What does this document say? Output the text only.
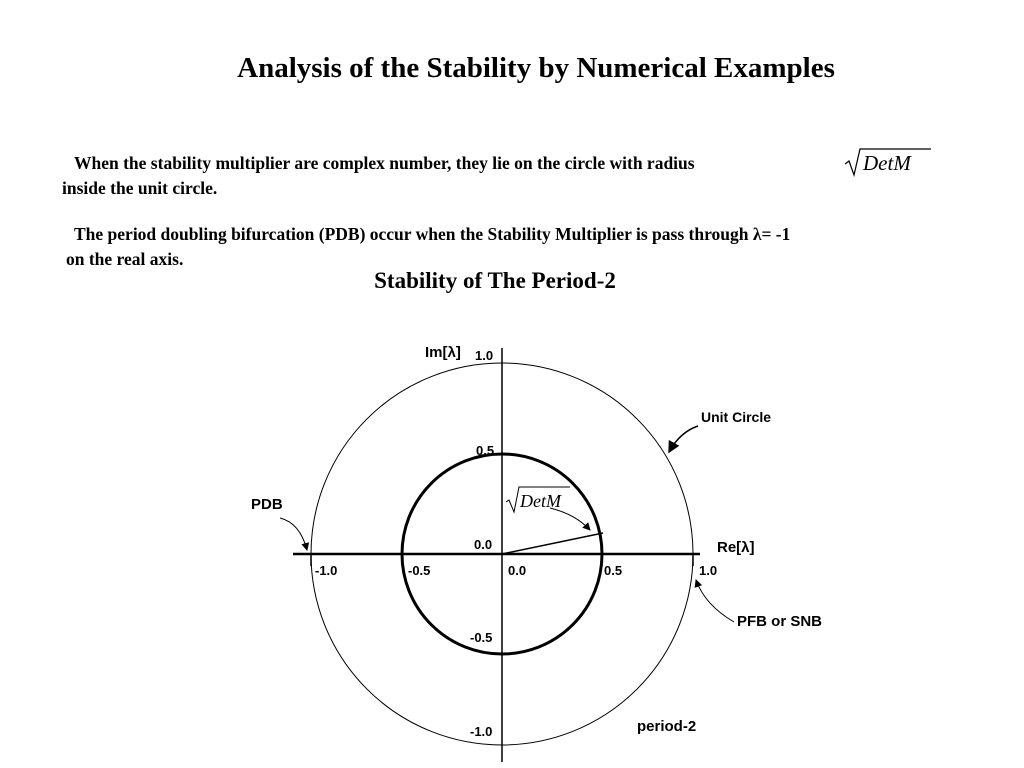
Analysis of the Stability by Numerical Examples
When the stability multiplier are complex number, they lie on the circle with radius
inside the unit circle.
DetM
The period doubling bifurcation (PDB) occur when the Stability Multiplier is pass through λ= -1
on the real axis.
Stability of The Period-2
-1.0	-0.5	0.0	0.5	1.0
1.0
0.5
0.0
-0.5
-1.0
Im[λ]
Re[λ]
Unit Circle
PDB
PFB or SNB
DetM
period-2
